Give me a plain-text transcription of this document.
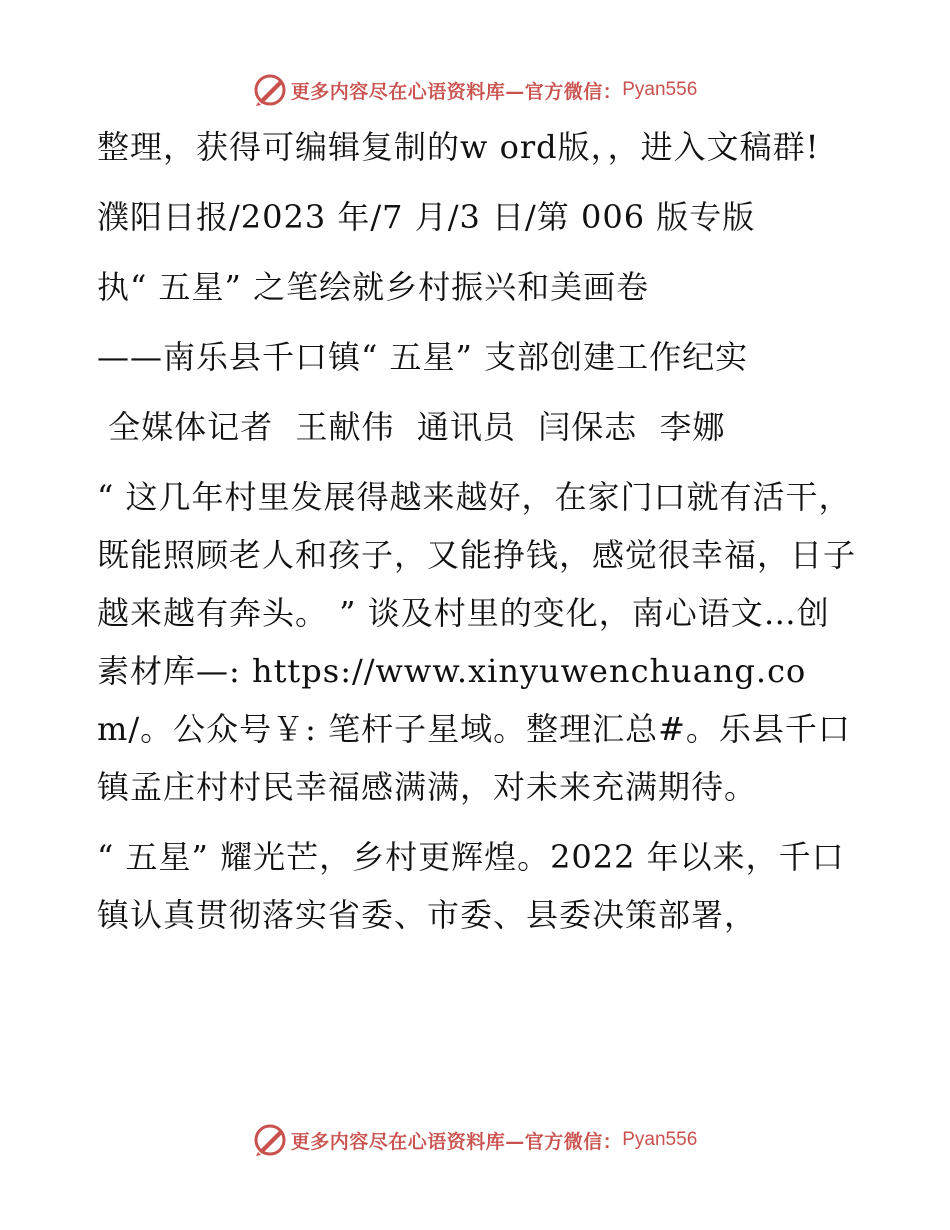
更多内容尽在心语资料库—官方微信： Pyan556

整理，获得可编辑复制的w ord版，，进入文稿群!

濮阳日报/2023 年/7 月/3 日/第 006 版专版

执“ 五星” 之笔绘就乡村振兴和美画卷

——南乐县千口镇“ 五星” 支部创建工作纪实

全媒体记者  王献伟  通讯员  闫保志  李娜

“ 这几年村里发展得越来越好，在家门口就有活干，既能照顾老人和孩子，又能挣钱，感觉很幸福，日子越来越有奔头。 ” 谈及村里的变化，南心语文…创素材库—: https://www.xinyuwenchuang.com/。公众号￥: 笔杆子星域。整理汇总#。乐县千口镇孟庄村村民幸福感满满，对未来充满期待。

“ 五星” 耀光芒，乡村更辉煌。2022 年以来，千口镇认真贯彻落实省委、市委、县委决策部署，

更多内容尽在心语资料库—官方微信： Pyan556
